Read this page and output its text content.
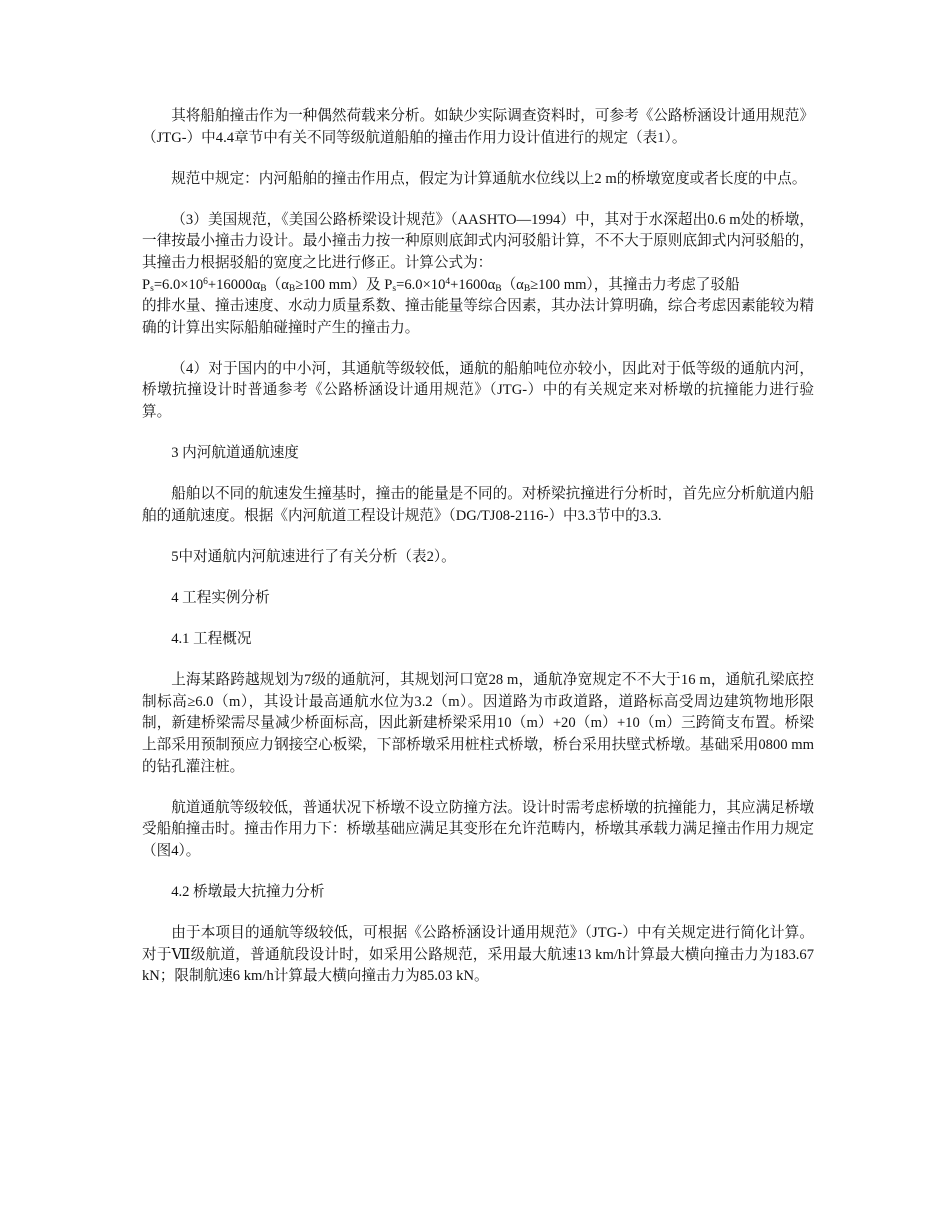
其将船舶撞击作为一种偶然荷载来分析。如缺少实际调查资料时，可参考《公路桥涵设计通用规范》（JTG-）中4.4章节中有关不同等级航道船舶的撞击作用力设计值进行的规定（表1）。

规范中规定：内河船舶的撞击作用点，假定为计算通航水位线以上2 m的桥墩宽度或者长度的中点。

（3）美国规范，《美国公路桥梁设计规范》（AASHTO—1994）中，其对于水深超出0.6 m处的桥墩，一律按最小撞击力设计。最小撞击力按一种原则底卸式内河驳船计算，不不大于原则底卸式内河驳船的，其撞击力根据驳船的宽度之比进行修正。计算公式为：
$P_s=6.0\times 10^6+16000\alpha_B(\alpha_B\ge 100$ mm）及 $P_s=6.0\times 10^4+1600\alpha_B(\alpha_B\ge 100$ mm），其撞击力考虑了驳船
的排水量、撞击速度、水动力质量系数、撞击能量等综合因素，其办法计算明确，综合考虑因素能较为精确的计算出实际船舶碰撞时产生的撞击力。

（4）对于国内的中小河，其通航等级较低，通航的船舶吨位亦较小，因此对于低等级的通航内河，桥墩抗撞设计时普通参考《公路桥涵设计通用规范》（JTG-）中的有关规定来对桥墩的抗撞能力进行验算。

3 内河航道通航速度

船舶以不同的航速发生撞基时，撞击的能量是不同的。对桥梁抗撞进行分析时，首先应分析航道内船舶的通航速度。根据《内河航道工程设计规范》（DG/TJ08-2116-）中3.3节中的3.3.

5中对通航内河航速进行了有关分析（表2）。

4 工程实例分析

4.1 工程概况

上海某路跨越规划为7级的通航河，其规划河口宽28 m，通航净宽规定不不大于16 m，通航孔梁底控制标高≥6.0（m），其设计最高通航水位为3.2（m）。因道路为市政道路，道路标高受周边建筑物地形限制，新建桥梁需尽量减少桥面标高，因此新建桥梁采用10（m）+20（m）+10（m）三跨简支布置。桥梁上部采用预制预应力钢接空心板梁，下部桥墩采用桩柱式桥墩，桥台采用扶壁式桥墩。基础采用0800 mm的钻孔灌注桩。

航道通航等级较低，普通状况下桥墩不设立防撞方法。设计时需考虑桥墩的抗撞能力，其应满足桥墩受船舶撞击时。撞击作用力下：桥墩基础应满足其变形在允许范畴内，桥墩其承载力满足撞击作用力规定（图4）。

4.2 桥墩最大抗撞力分析

由于本项目的通航等级较低，可根据《公路桥涵设计通用规范》（JTG-）中有关规定进行简化计算。对于Ⅶ级航道，普通航段设计时，如采用公路规范，采用最大航速13 km/h计算最大横向撞击力为183.67 kN；限制航速6 km/h计算最大横向撞击力为85.03 kN。
